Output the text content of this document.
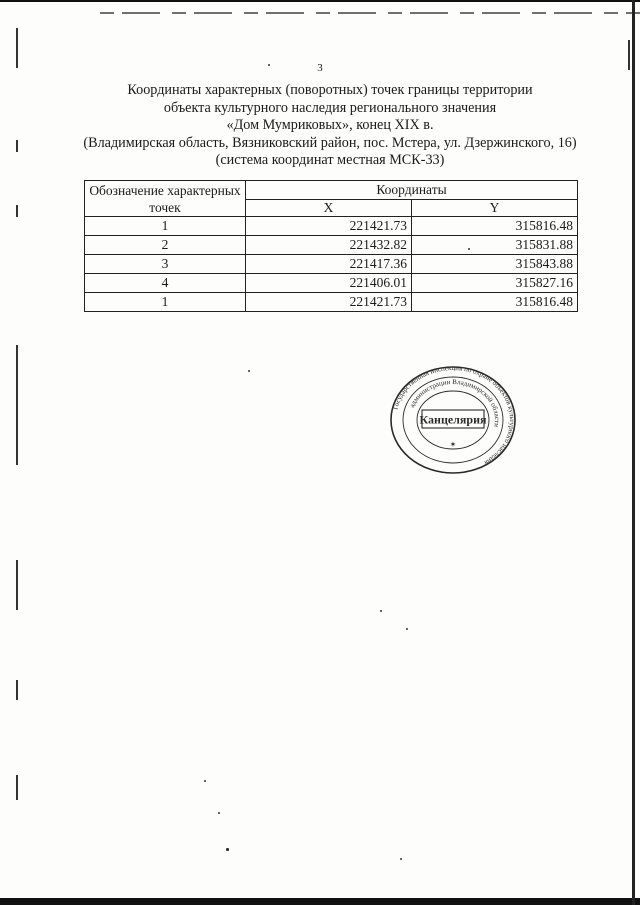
3
Координаты характерных (поворотных) точек границы территории
объекта культурного наследия регионального значения
«Дом Мумриковых», конец XIX в.
(Владимирская область, Вязниковский район, пос. Мстера, ул. Дзержинского, 16)
(система координат местная МСК-33)
Обозначение характерных точек	Координаты	
	X	Y
1	221421.73	315816.48
2	221432.82	315831.88
3	221417.36	315843.88
4	221406.01	315827.16
1	221421.73	315816.48
Государственная инспекция по охране объектов культурного наследия
администрации Владимирской области
Канцелярия
✶
